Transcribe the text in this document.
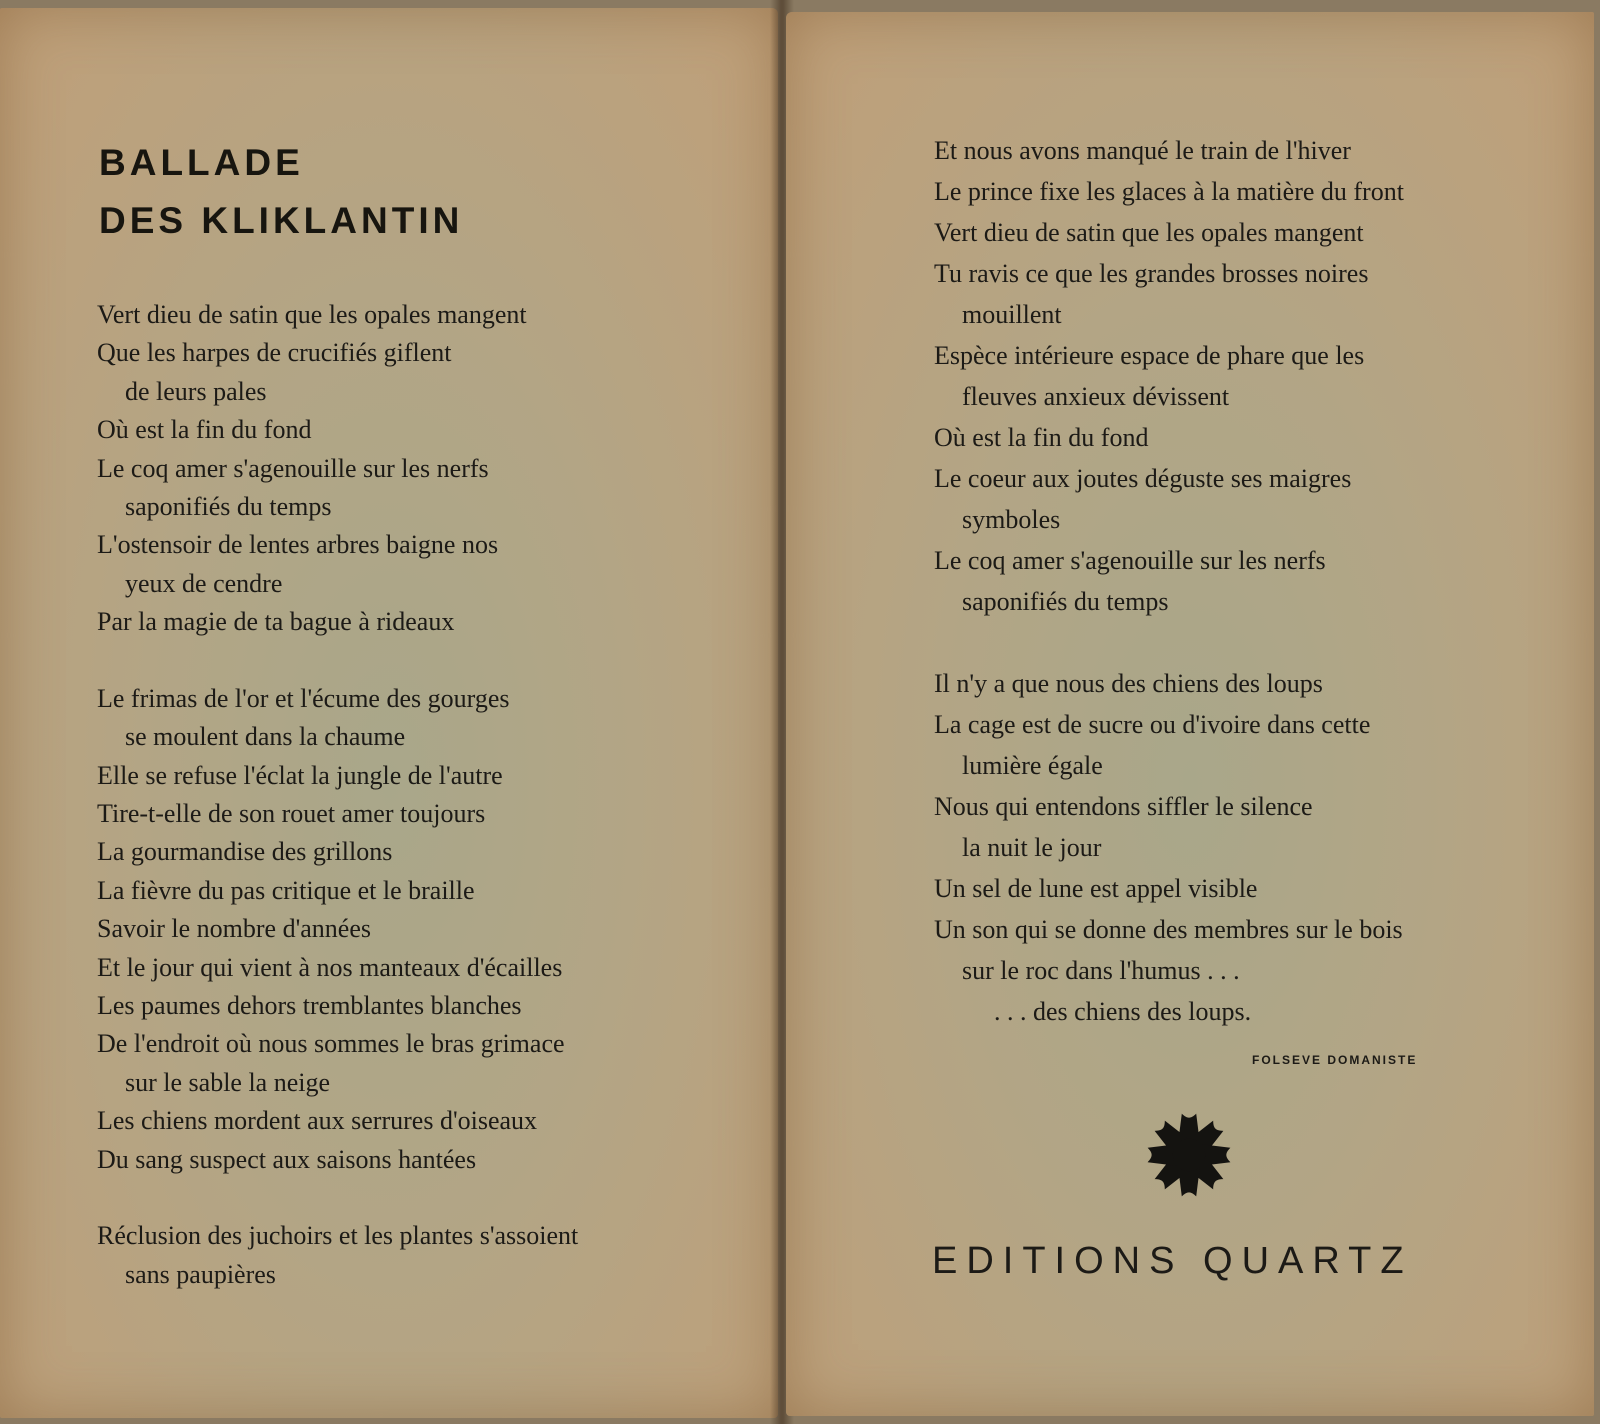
BALLADE
DES KLIKLANTIN
Vert dieu de satin que les opales mangent
Que les harpes de crucifiés giflent
de leurs pales
Où est la fin du fond
Le coq amer s'agenouille sur les nerfs
saponifiés du temps
L'ostensoir de lentes arbres baigne nos
yeux de cendre
Par la magie de ta bague à rideaux
Le frimas de l'or et l'écume des gourges
se moulent dans la chaume
Elle se refuse l'éclat la jungle de l'autre
Tire-t-elle de son rouet amer toujours
La gourmandise des grillons
La fièvre du pas critique et le braille
Savoir le nombre d'années
Et le jour qui vient à nos manteaux d'écailles
Les paumes dehors tremblantes blanches
De l'endroit où nous sommes le bras grimace
sur le sable la neige
Les chiens mordent aux serrures d'oiseaux
Du sang suspect aux saisons hantées
Réclusion des juchoirs et les plantes s'assoient
sans paupières
Et nous avons manqué le train de l'hiver
Le prince fixe les glaces à la matière du front
Vert dieu de satin que les opales mangent
Tu ravis ce que les grandes brosses noires
mouillent
Espèce intérieure espace de phare que les
fleuves anxieux dévissent
Où est la fin du fond
Le coeur aux joutes déguste ses maigres
symboles
Le coq amer s'agenouille sur les nerfs
saponifiés du temps
Il n'y a que nous des chiens des loups
La cage est de sucre ou d'ivoire dans cette
lumière égale
Nous qui entendons siffler le silence
la nuit le jour
Un sel de lune est appel visible
Un son qui se donne des membres sur le bois
sur le roc dans l'humus . . .
. . . des chiens des loups.

FOLSEVE DOMANISTE

EDITIONS QUARTZ
